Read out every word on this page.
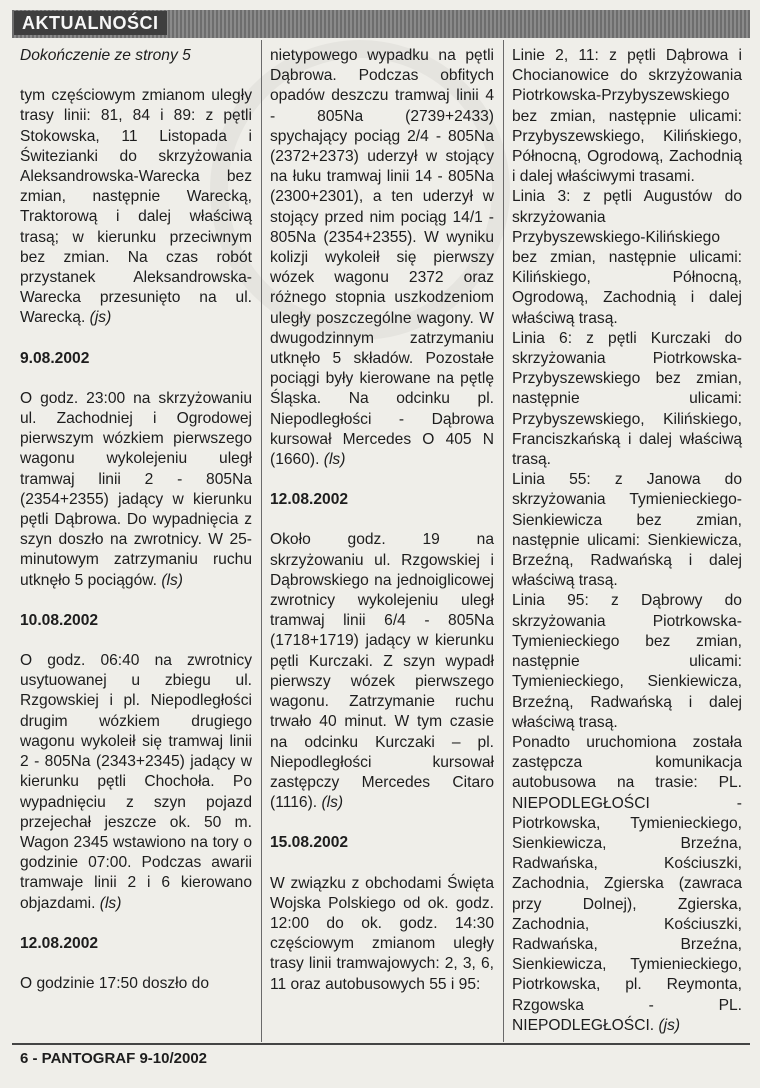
AKTUALNOŚCI

Dokończenie ze strony 5

tym częściowym zmianom uległy trasy linii: 81, 84 i 89: z pętli Stokowska, 11 Listopada i Świtezianki do skrzyżowania Aleksandrowska-Warecka bez zmian, następnie Warecką, Traktorową i dalej właściwą trasą; w kierunku przeciwnym bez zmian. Na czas robót przystanek Aleksandrowska-Warecka przesunięto na ul. Warecką. (js)

9.08.2002

O godz. 23:00 na skrzyżowaniu ul. Zachodniej i Ogrodowej pierwszym wózkiem pierwszego wagonu wykolejeniu uległ tramwaj linii 2 - 805Na (2354+2355) jadący w kierunku pętli Dąbrowa. Do wypadnięcia z szyn doszło na zwrotnicy. W 25-minutowym zatrzymaniu ruchu utknęło 5 pociągów. (ls)

10.08.2002

O godz. 06:40 na zwrotnicy usytuowanej u zbiegu ul. Rzgowskiej i pl. Niepodległości drugim wózkiem drugiego wagonu wykoleił się tramwaj linii 2 - 805Na (2343+2345) jadący w kierunku pętli Chochoła. Po wypadnięciu z szyn pojazd przejechał jeszcze ok. 50 m. Wagon 2345 wstawiono na tory o godzinie 07:00. Podczas awarii tramwaje linii 2 i 6 kierowano objazdami. (ls)

12.08.2002

O godzinie 17:50 doszło do

nietypowego wypadku na pętli Dąbrowa. Podczas obfitych opadów deszczu tramwaj linii 4 - 805Na (2739+2433) spychający pociąg 2/4 - 805Na (2372+2373) uderzył w stojący na łuku tramwaj linii 14 - 805Na (2300+2301), a ten uderzył w stojący przed nim pociąg 14/1 - 805Na (2354+2355). W wyniku kolizji wykoleił się pierwszy wózek wagonu 2372 oraz różnego stopnia uszkodzeniom uległy poszczególne wagony. W dwugodzinnym zatrzymaniu utknęło 5 składów. Pozostałe pociągi były kierowane na pętlę Śląska. Na odcinku pl. Niepodległości - Dąbrowa kursował Mercedes O 405 N (1660). (ls)

12.08.2002

Około godz. 19 na skrzyżowaniu ul. Rzgowskiej i Dąbrowskiego na jednoiglicowej zwrotnicy wykolejeniu uległ tramwaj linii 6/4 - 805Na (1718+1719) jadący w kierunku pętli Kurczaki. Z szyn wypadł pierwszy wózek pierwszego wagonu. Zatrzymanie ruchu trwało 40 minut. W tym czasie na odcinku Kurczaki – pl. Niepodległości kursował zastępczy Mercedes Citaro (1116). (ls)

15.08.2002

W związku z obchodami Święta Wojska Polskiego od ok. godz. 12:00 do ok. godz. 14:30 częściowym zmianom uległy trasy linii tramwajowych: 2, 3, 6, 11 oraz autobusowych 55 i 95:

Linie 2, 11: z pętli Dąbrowa i Chocianowice do skrzyżowania Piotrkowska-Przybyszewskiego bez zmian, następnie ulicami: Przybyszewskiego, Kilińskiego, Północną, Ogrodową, Zachodnią i dalej właściwymi trasami.

Linia 3: z pętli Augustów do skrzyżowania Przybyszewskiego-Kilińskiego bez zmian, następnie ulicami: Kilińskiego, Północną, Ogrodową, Zachodnią i dalej właściwą trasą.

Linia 6: z pętli Kurczaki do skrzyżowania Piotrkowska-Przybyszewskiego bez zmian, następnie ulicami: Przybyszewskiego, Kilińskiego, Franciszkańską i dalej właściwą trasą.

Linia 55: z Janowa do skrzyżowania Tymienieckiego-Sienkiewicza bez zmian, następnie ulicami: Sienkiewicza, Brzeźną, Radwańską i dalej właściwą trasą.

Linia 95: z Dąbrowy do skrzyżowania Piotrkowska-Tymienieckiego bez zmian, następnie ulicami: Tymienieckiego, Sienkiewicza, Brzeźną, Radwańską i dalej właściwą trasą.

Ponadto uruchomiona została zastępcza komunikacja autobusowa na trasie: PL. NIEPODLEGŁOŚCI - Piotrkowska, Tymienieckiego, Sienkiewicza, Brzeźna, Radwańska, Kościuszki, Zachodnia, Zgierska (zawraca przy Dolnej), Zgierska, Zachodnia, Kościuszki, Radwańska, Brzeźna, Sienkiewicza, Tymienieckiego, Piotrkowska, pl. Reymonta, Rzgowska - PL. NIEPODLEGŁOŚCI. (js)

6 - PANTOGRAF 9-10/2002
